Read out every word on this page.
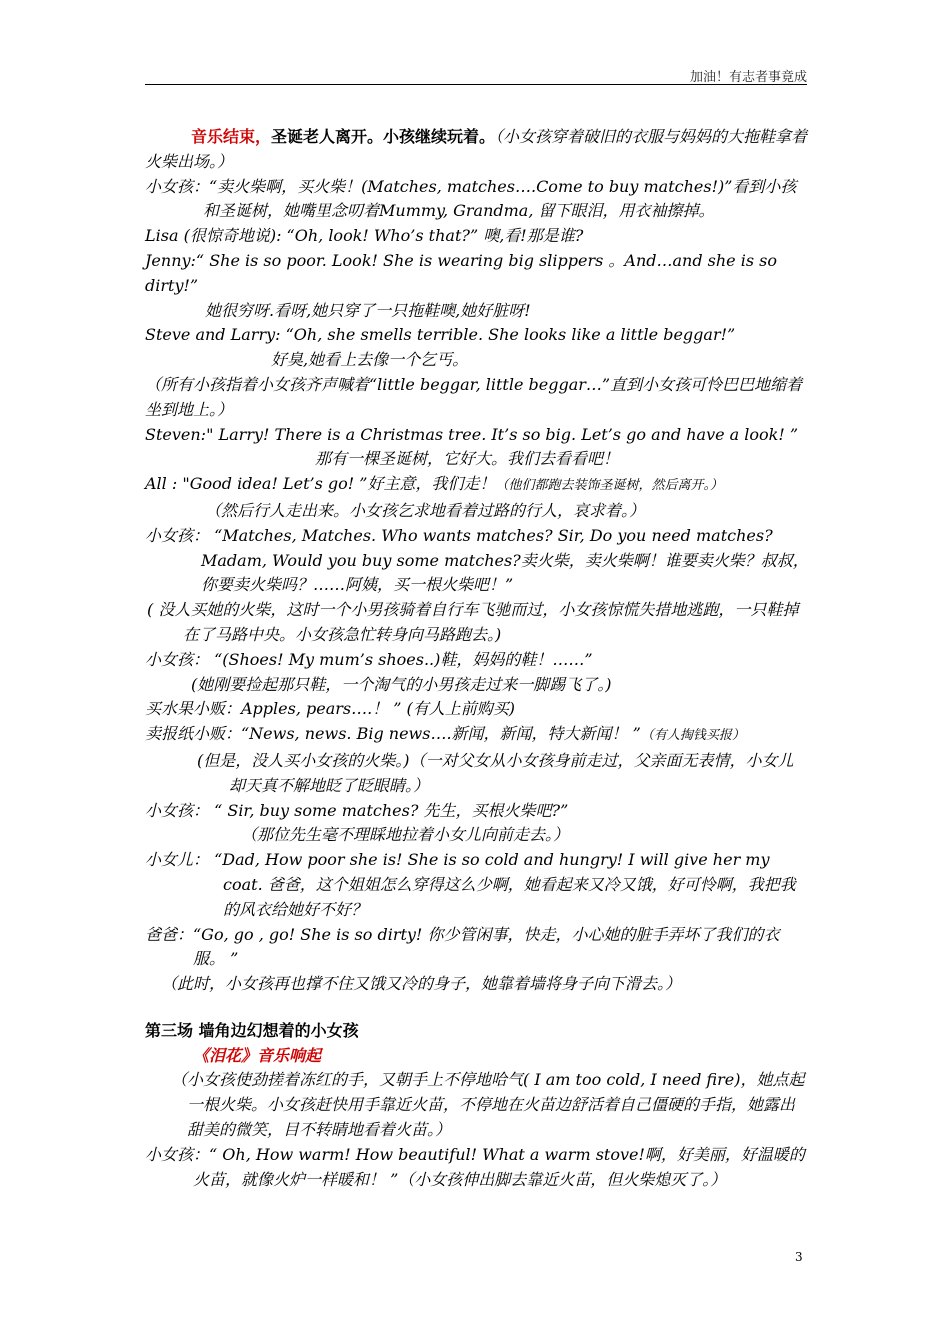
加油！有志者事竟成

音乐结束，圣诞老人离开。小孩继续玩着。（小女孩穿着破旧的衣服与妈妈的大拖鞋拿着火柴出场。）

小女孩：“卖火柴啊，买火柴！(Matches, matches….Come to buy matches!)”看到小孩和圣诞树，她嘴里念叨着Mummy, Grandma, 留下眼泪，用衣袖擦掉。

Lisa (很惊奇地说): “Oh, look! Who’s that?” 噢,看!那是谁?

Jenny:“ She is so poor. Look! She is wearing big slippers 。And…and she is so dirty!”

她很穷呀.看呀,她只穿了一只拖鞋噢,她好脏呀!

Steve and Larry: “Oh, she smells terrible. She looks like a little beggar!”

好臭,她看上去像一个乞丐。

（所有小孩指着小女孩齐声喊着“little beggar, little beggar…”直到小女孩可怜巴巴地缩着坐到地上。）

Steven:" Larry! There is a Christmas tree. It’s so big. Let’s go and have a look! ”

那有一棵圣诞树，它好大。我们去看看吧！

All : "Good idea! Let’s go! ”好主意，我们走！（他们都跑去装饰圣诞树，然后离开。）

（然后行人走出来。小女孩乞求地看着过路的行人，哀求着。）

小女孩： “Matches, Matches. Who wants matches? Sir, Do you need matches? Madam, Would you buy some matches?卖火柴，卖火柴啊！谁要卖火柴？叔叔，你要卖火柴吗？……阿姨，买一根火柴吧！”

( 没人买她的火柴，这时一个小男孩骑着自行车飞驰而过，小女孩惊慌失措地逃跑，一只鞋掉在了马路中央。小女孩急忙转身向马路跑去。)

小女孩： “(Shoes! My mum’s shoes..)鞋，妈妈的鞋！……”

(她刚要捡起那只鞋，一个淘气的小男孩走过来一脚踢飞了。)

买水果小贩：Apples, pears….！ ” (有人上前购买)

卖报纸小贩：“News, news. Big news….新闻，新闻，特大新闻！ ”（有人掏钱买报）

(但是，没人买小女孩的火柴。)（一对父女从小女孩身前走过，父亲面无表情，小女儿却天真不解地眨了眨眼睛。）

小女孩： “ Sir, buy some matches? 先生，买根火柴吧?”

（那位先生毫不理睬地拉着小女儿向前走去。）

小女儿： “Dad, How poor she is! She is so cold and hungry! I will give her my coat. 爸爸，这个姐姐怎么穿得这么少啊，她看起来又冷又饿，好可怜啊，我把我的风衣给她好不好？

爸爸：“Go, go , go! She is so dirty! 你少管闲事，快走，小心她的脏手弄坏了我们的衣服。 ”

（此时，小女孩再也撑不住又饿又冷的身子，她靠着墙将身子向下滑去。）

第三场 墙角边幻想着的小女孩

《泪花》音乐响起

（小女孩使劲搓着冻红的手，又朝手上不停地哈气( I am too cold, I need fire)，她点起一根火柴。小女孩赶快用手靠近火苗，不停地在火苗边舒活着自己僵硬的手指，她露出甜美的微笑，目不转睛地看着火苗。）

小女孩：“ Oh, How warm! How beautiful! What a warm stove!啊，好美丽，好温暖的火苗，就像火炉一样暖和！ ”（小女孩伸出脚去靠近火苗，但火柴熄灭了。）

3
